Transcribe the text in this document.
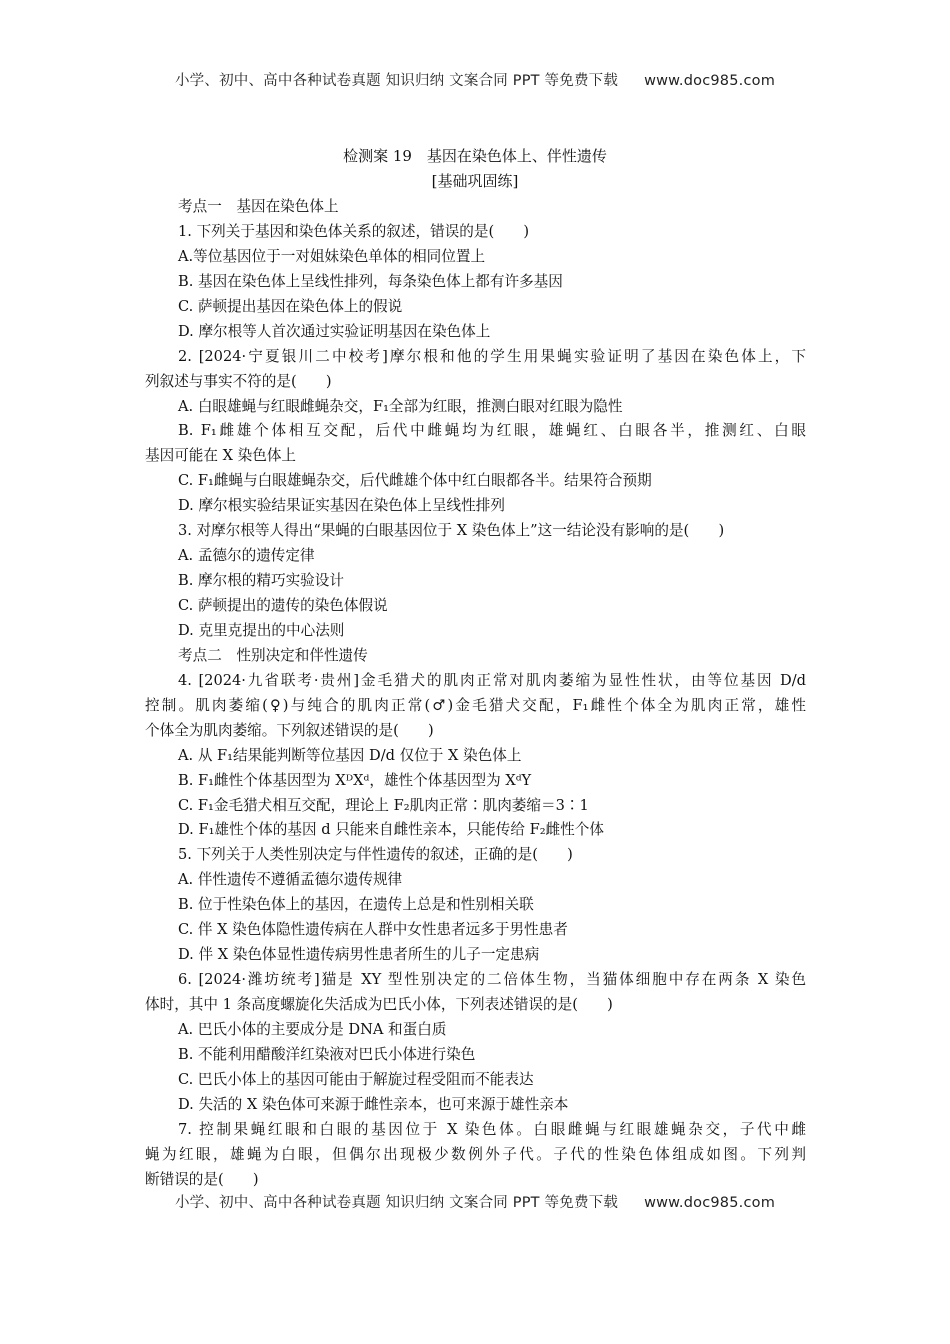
小学、初中、高中各种试卷真题 知识归纳 文案合同 PPT 等免费下载 www.doc985.com
检测案 19　基因在染色体上、伴性遗传
[基础巩固练]
考点一　基因在染色体上
1. 下列关于基因和染色体关系的叙述，错误的是(　　)
A.等位基因位于一对姐妹染色单体的相同位置上
B. 基因在染色体上呈线性排列，每条染色体上都有许多基因
C. 萨顿提出基因在染色体上的假说
D. 摩尔根等人首次通过实验证明基因在染色体上
2. [2024·宁夏银川二中校考]摩尔根和他的学生用果蝇实验证明了基因在染色体上，下
列叙述与事实不符的是(　　)
A. 白眼雄蝇与红眼雌蝇杂交，F₁全部为红眼，推测白眼对红眼为隐性
B. F₁雌雄个体相互交配，后代中雌蝇均为红眼，雄蝇红、白眼各半，推测红、白眼
基因可能在 X 染色体上
C. F₁雌蝇与白眼雄蝇杂交，后代雌雄个体中红白眼都各半。结果符合预期
D. 摩尔根实验结果证实基因在染色体上呈线性排列
3. 对摩尔根等人得出“果蝇的白眼基因位于 X 染色体上”这一结论没有影响的是(　　)
A. 孟德尔的遗传定律
B. 摩尔根的精巧实验设计
C. 萨顿提出的遗传的染色体假说
D. 克里克提出的中心法则
考点二　性别决定和伴性遗传
4. [2024·九省联考·贵州]金毛猎犬的肌肉正常对肌肉萎缩为显性性状，由等位基因 D/d
控制。肌肉萎缩(♀)与纯合的肌肉正常(♂)金毛猎犬交配，F₁雌性个体全为肌肉正常，雄性
个体全为肌肉萎缩。下列叙述错误的是(　　)
A. 从 F₁结果能判断等位基因 D/d 仅位于 X 染色体上
B. F₁雌性个体基因型为 XᴰXᵈ，雄性个体基因型为 XᵈY
C. F₁金毛猎犬相互交配，理论上 F₂肌肉正常∶肌肉萎缩＝3∶1
D. F₁雄性个体的基因 d 只能来自雌性亲本，只能传给 F₂雌性个体
5. 下列关于人类性别决定与伴性遗传的叙述，正确的是(　　)
A. 伴性遗传不遵循孟德尔遗传规律
B. 位于性染色体上的基因，在遗传上总是和性别相关联
C. 伴 X 染色体隐性遗传病在人群中女性患者远多于男性患者
D. 伴 X 染色体显性遗传病男性患者所生的儿子一定患病
6. [2024·潍坊统考]猫是 XY 型性别决定的二倍体生物，当猫体细胞中存在两条 X 染色
体时，其中 1 条高度螺旋化失活成为巴氏小体，下列表述错误的是(　　)
A. 巴氏小体的主要成分是 DNA 和蛋白质
B. 不能利用醋酸洋红染液对巴氏小体进行染色
C. 巴氏小体上的基因可能由于解旋过程受阻而不能表达
D. 失活的 X 染色体可来源于雌性亲本，也可来源于雄性亲本
7. 控制果蝇红眼和白眼的基因位于 X 染色体。白眼雌蝇与红眼雄蝇杂交，子代中雌
蝇为红眼，雄蝇为白眼，但偶尔出现极少数例外子代。子代的性染色体组成如图。下列判
断错误的是(　　)
小学、初中、高中各种试卷真题 知识归纳 文案合同 PPT 等免费下载 www.doc985.com
